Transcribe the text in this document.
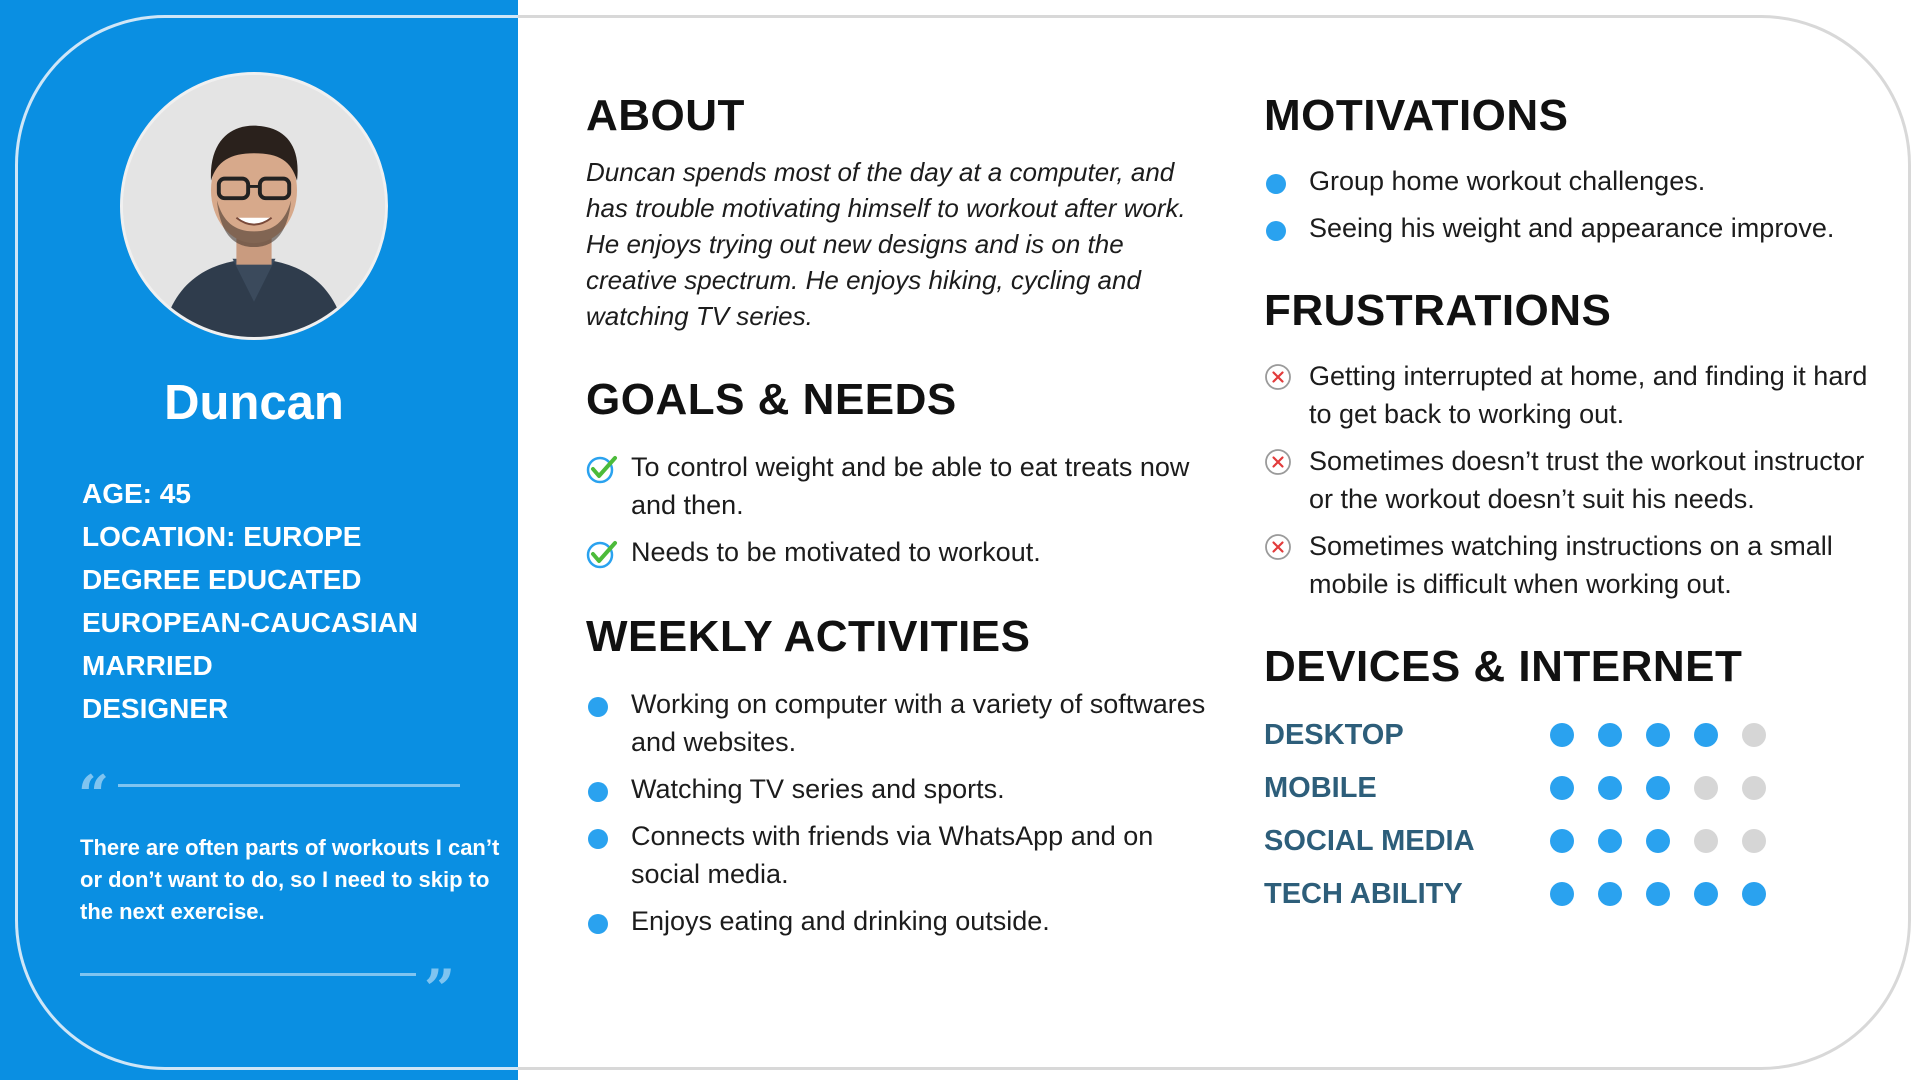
Duncan
AGE: 45
LOCATION: EUROPE
DEGREE EDUCATED
EUROPEAN-CAUCASIAN
MARRIED
DESIGNER
“
There are often parts of workouts I can’t or don’t want to do, so I need to skip to the next exercise.
”
ABOUT

Duncan spends most of the day at a computer, and has trouble motivating himself to workout after work. He enjoys trying out new designs and is on the creative spectrum. He enjoys hiking, cycling and watching TV series.

GOALS & NEEDS
To control weight and be able to eat treats now and then.
Needs to be motivated to workout.
WEEKLY ACTIVITIES
Working on computer with a variety of softwares and websites.
Watching TV series and sports.
Connects with friends via WhatsApp and on social media.
Enjoys eating and drinking outside.
MOTIVATIONS
Group home workout challenges.
Seeing his weight and appearance improve.
FRUSTRATIONS
Getting interrupted at home, and finding it hard to get back to working out.
Sometimes doesn’t trust the workout instructor or the workout doesn’t suit his needs.
Sometimes watching instructions on a small mobile is difficult when working out.
DEVICES & INTERNET
DESKTOP
MOBILE
SOCIAL MEDIA
TECH ABILITY
